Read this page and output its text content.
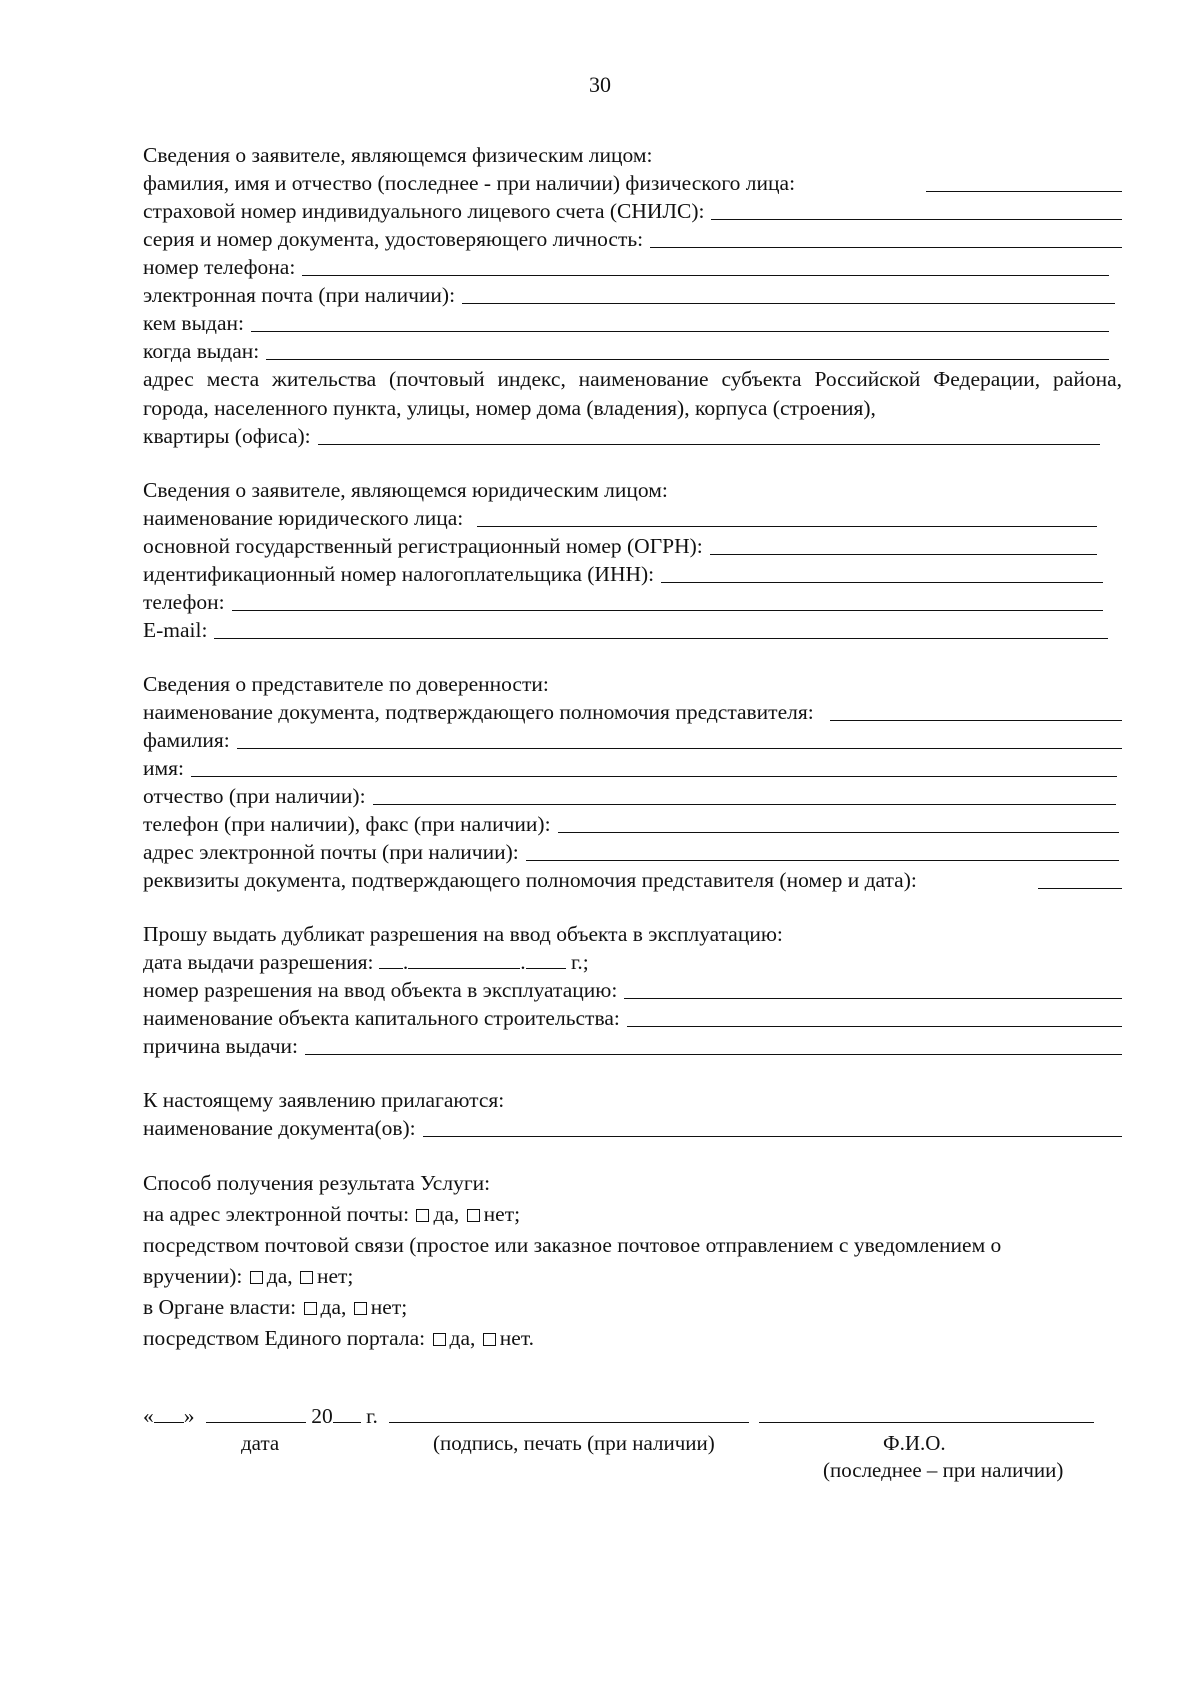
30
Сведения о заявителе, являющемся физическим лицом:
фамилия, имя и отчество (последнее - при наличии) физического лица:
страховой номер индивидуального лицевого счета (СНИЛС):
серия и номер документа, удостоверяющего личность:
номер телефона:
электронная почта (при наличии):
кем выдан:
когда выдан:
адрес места жительства (почтовый индекс, наименование субъекта Российской Федерации, района, города, населенного пункта, улицы, номер дома (владения), корпуса (строения),
квартиры (офиса):
Сведения о заявителе, являющемся юридическим лицом:
наименование юридического лица:
основной государственный регистрационный номер (ОГРН):
идентификационный номер налогоплательщика (ИНН):
телефон:
E-mail:
Сведения о представителе по доверенности:
наименование документа, подтверждающего полномочия представителя:
фамилия:
имя:
отчество (при наличии):
телефон (при наличии), факс (при наличии):
адрес электронной почты (при наличии):
реквизиты документа, подтверждающего полномочия представителя (номер и дата):
Прошу выдать дубликат разрешения на ввод объекта в эксплуатацию:
дата выдачи разрешения: .	. г.;
номер разрешения на ввод объекта в эксплуатацию:
наименование объекта капитального строительства:
причина выдачи:
К настоящему заявлению прилагаются:
наименование документа(ов):
Способ получения результата Услуги:
на адрес электронной почты: да, нет;
посредством почтовой связи (простое или заказное почтовое отправлением с уведомлением о
вручении): да, нет;
в Органе власти: да, нет;
посредством Единого портала: да, нет.
« »	20 г.
дата	(подпись, печать (при наличии)	Ф.И.О.
(последнее – при наличии)
